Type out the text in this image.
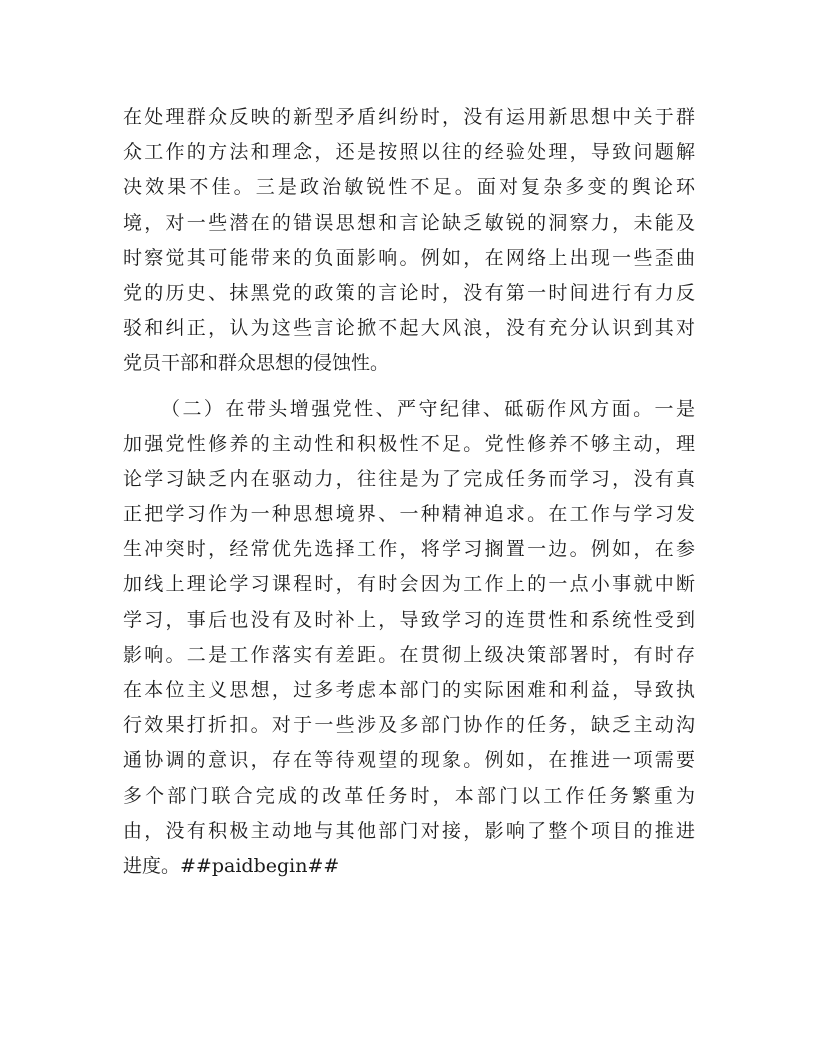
在处理群众反映的新型矛盾纠纷时，没有运用新思想中关于群
众工作的方法和理念，还是按照以往的经验处理，导致问题解
决效果不佳。三是政治敏锐性不足。面对复杂多变的舆论环
境，对一些潜在的错误思想和言论缺乏敏锐的洞察力，未能及
时察觉其可能带来的负面影响。例如，在网络上出现一些歪曲
党的历史、抹黑党的政策的言论时，没有第一时间进行有力反
驳和纠正，认为这些言论掀不起大风浪，没有充分认识到其对
党员干部和群众思想的侵蚀性。
（二）在带头增强党性、严守纪律、砥砺作风方面。一是
加强党性修养的主动性和积极性不足。党性修养不够主动，理
论学习缺乏内在驱动力，往往是为了完成任务而学习，没有真
正把学习作为一种思想境界、一种精神追求。在工作与学习发
生冲突时，经常优先选择工作，将学习搁置一边。例如，在参
加线上理论学习课程时，有时会因为工作上的一点小事就中断
学习，事后也没有及时补上，导致学习的连贯性和系统性受到
影响。二是工作落实有差距。在贯彻上级决策部署时，有时存
在本位主义思想，过多考虑本部门的实际困难和利益，导致执
行效果打折扣。对于一些涉及多部门协作的任务，缺乏主动沟
通协调的意识，存在等待观望的现象。例如，在推进一项需要
多个部门联合完成的改革任务时，本部门以工作任务繁重为
由，没有积极主动地与其他部门对接，影响了整个项目的推进
进度。##paidbegin##
